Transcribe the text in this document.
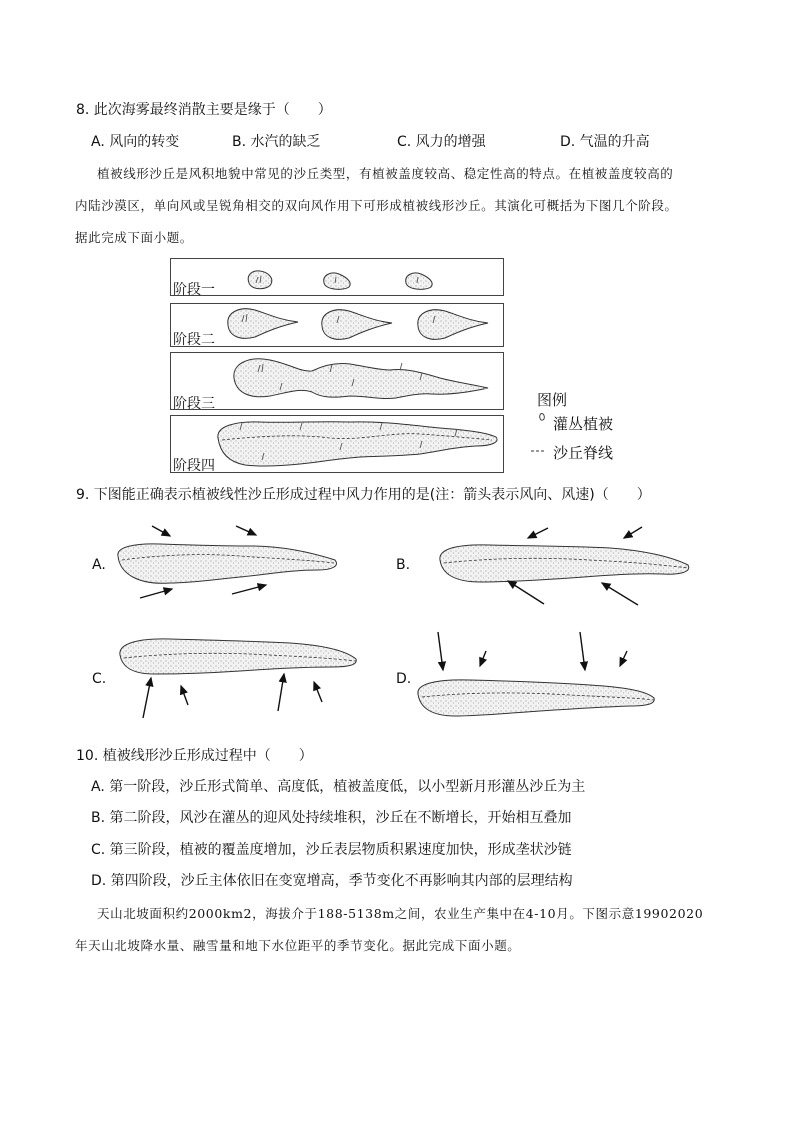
8. 此次海雾最终消散主要是缘于（　　）
A. 风向的转变	B. 水汽的缺乏	C. 风力的增强	D. 气温的升高
植被线形沙丘是风积地貌中常见的沙丘类型，有植被盖度较高、稳定性高的特点。在植被盖度较高的
内陆沙漠区，单向风或呈锐角相交的双向风作用下可形成植被线形沙丘。其演化可概括为下图几个阶段。
据此完成下面小题。
阶段一
阶段二
阶段三
阶段四
图例
灌丛植被
沙丘脊线
9. 下图能正确表示植被线性沙丘形成过程中风力作用的是(注：箭头表示风向、风速)（　　）
A.	B.
C.	D.
10. 植被线形沙丘形成过程中（　　）
A. 第一阶段，沙丘形式简单、高度低，植被盖度低，以小型新月形灌丛沙丘为主
B. 第二阶段，风沙在灌丛的迎风处持续堆积，沙丘在不断增长，开始相互叠加
C. 第三阶段，植被的覆盖度增加，沙丘表层物质积累速度加快，形成垄状沙链
D. 第四阶段，沙丘主体依旧在变宽增高，季节变化不再影响其内部的层理结构
天山北坡面积约2000km2，海拔介于188-5138m之间，农业生产集中在4-10月。下图示意19902020
年天山北坡降水量、融雪量和地下水位距平的季节变化。据此完成下面小题。
